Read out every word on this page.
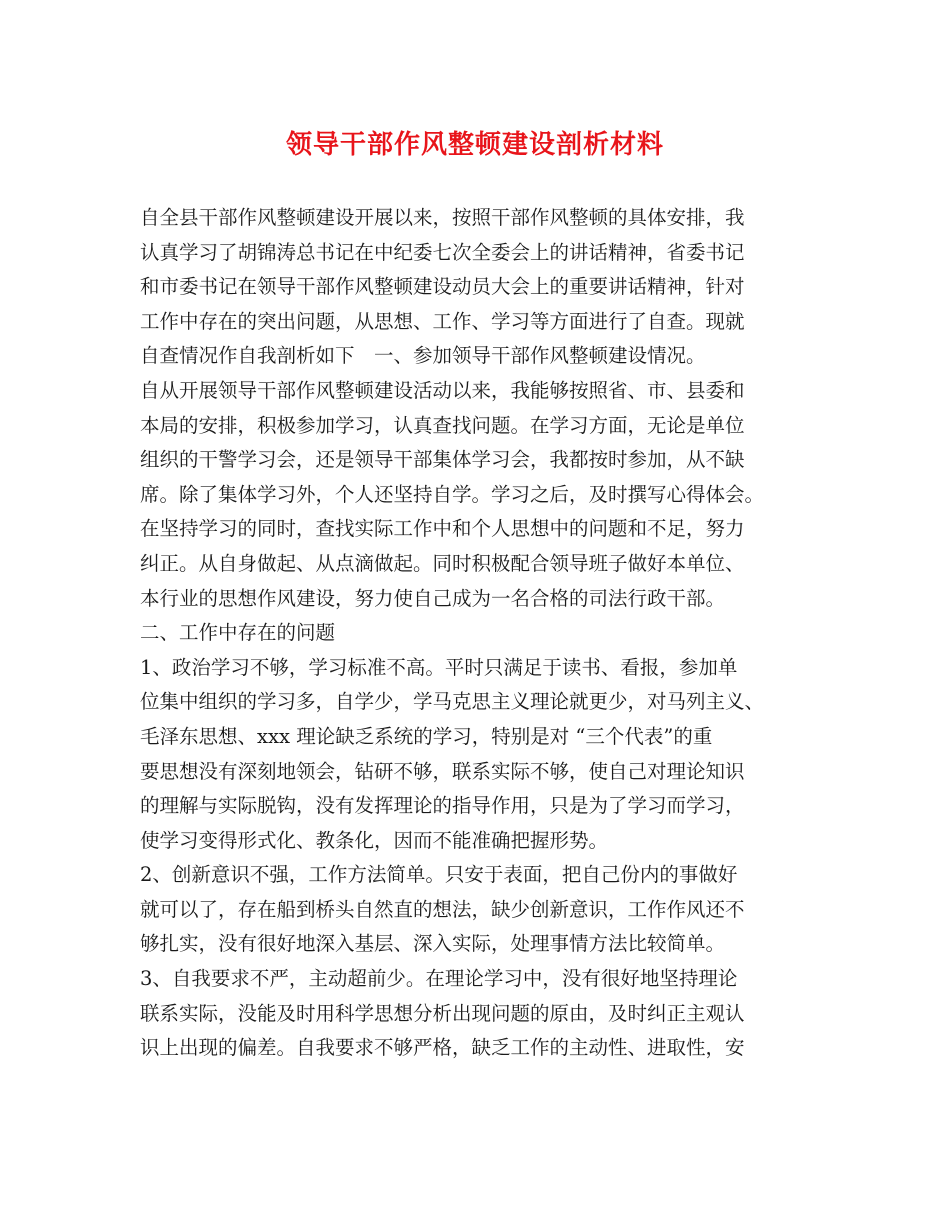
领导干部作风整顿建设剖析材料
自全县干部作风整顿建设开展以来，按照干部作风整顿的具体安排，我
认真学习了胡锦涛总书记在中纪委七次全委会上的讲话精神，省委书记
和市委书记在领导干部作风整顿建设动员大会上的重要讲话精神，针对
工作中存在的突出问题，从思想、工作、学习等方面进行了自查。现就
自查情况作自我剖析如下　一、参加领导干部作风整顿建设情况。
自从开展领导干部作风整顿建设活动以来，我能够按照省、市、县委和
本局的安排，积极参加学习，认真查找问题。在学习方面，无论是单位
组织的干警学习会，还是领导干部集体学习会，我都按时参加，从不缺
席。除了集体学习外，个人还坚持自学。学习之后，及时撰写心得体会。
在坚持学习的同时，查找实际工作中和个人思想中的问题和不足，努力
纠正。从自身做起、从点滴做起。同时积极配合领导班子做好本单位、
本行业的思想作风建设，努力使自己成为一名合格的司法行政干部。
二、工作中存在的问题
1、政治学习不够，学习标准不高。平时只满足于读书、看报，参加单
位集中组织的学习多，自学少，学马克思主义理论就更少，对马列主义、
毛泽东思想、xxx 理论缺乏系统的学习，特别是对 “三个代表”的重
要思想没有深刻地领会，钻研不够，联系实际不够，使自己对理论知识
的理解与实际脱钩，没有发挥理论的指导作用，只是为了学习而学习，
使学习变得形式化、教条化，因而不能准确把握形势。
2、创新意识不强，工作方法简单。只安于表面，把自己份内的事做好
就可以了，存在船到桥头自然直的想法，缺少创新意识，工作作风还不
够扎实，没有很好地深入基层、深入实际，处理事情方法比较简单。
3、自我要求不严，主动超前少。在理论学习中，没有很好地坚持理论
联系实际，没能及时用科学思想分析出现问题的原由，及时纠正主观认
识上出现的偏差。自我要求不够严格，缺乏工作的主动性、进取性，安
